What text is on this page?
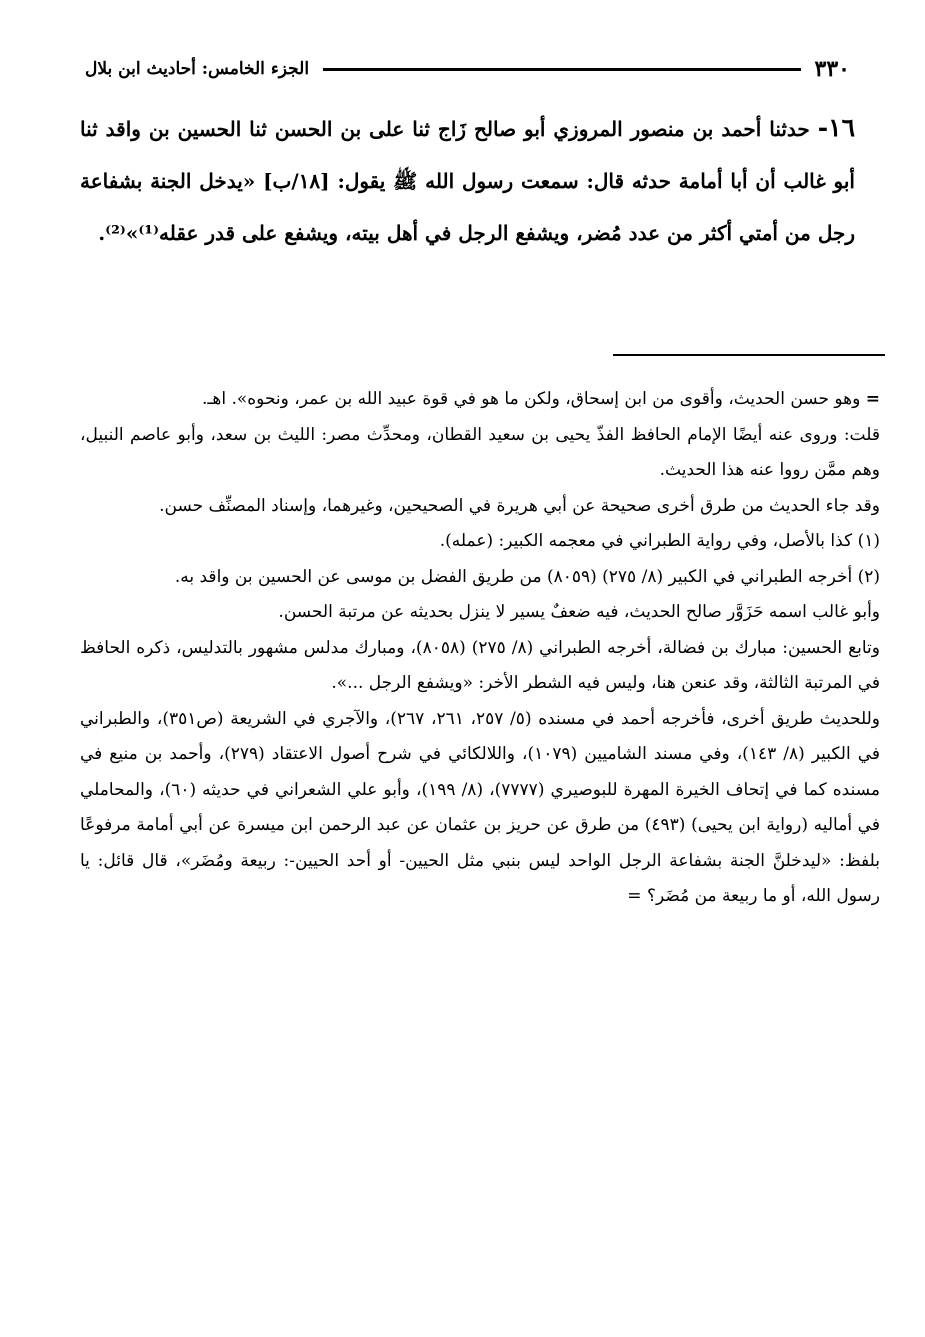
الجزء الخامس: أحاديث ابن بلال	٣٣٠
١٦- حدثنا أحمد بن منصور المروزي أبو صالح زَاج ثنا على بن الحسن ثنا الحسين بن واقد ثنا أبو غالب أن أبا أمامة حدثه قال: سمعت رسول الله ﷺ يقول: [١٨/ب] «يدخل الجنة بشفاعة رجل من أمتي أكثر من عدد مُضر، ويشفع الرجل في أهل بيته، ويشفع على قدر عقله⁽¹⁾»⁽²⁾.

= وهو حسن الحديث، وأقوى من ابن إسحاق، ولكن ما هو في قوة عبيد الله بن عمر، ونحوه». اهـ.

قلت: وروى عنه أيضًا الإمام الحافظ الفذّ يحيى بن سعيد القطان، ومحدِّث مصر: الليث بن سعد، وأبو عاصم النبيل، وهم ممَّن رووا عنه هذا الحديث.

وقد جاء الحديث من طرق أخرى صحيحة عن أبي هريرة في الصحيحين، وغيرهما، وإسناد المصنِّف حسن.

(١) كذا بالأصل، وفي رواية الطبراني في معجمه الكبير: (عمله).

(٢) أخرجه الطبراني في الكبير (٨/ ٢٧٥) (٨٠٥٩) من طريق الفضل بن موسى عن الحسين بن واقد به.

وأبو غالب اسمه حَزَوَّر صالح الحديث، فيه ضعفٌ يسير لا ينزل بحديثه عن مرتبة الحسن.

وتابع الحسين: مبارك بن فضالة، أخرجه الطبراني (٨/ ٢٧٥) (٨٠٥٨)، ومبارك مدلس مشهور بالتدليس، ذكره الحافظ في المرتبة الثالثة، وقد عنعن هنا، وليس فيه الشطر الأخر: «ويشفع الرجل ...».

وللحديث طريق أخرى، فأخرجه أحمد في مسنده (٥/ ٢٥٧، ٢٦١، ٢٦٧)، والآجري في الشريعة (ص٣٥١)، والطبراني في الكبير (٨/ ١٤٣)، وفي مسند الشاميين (١٠٧٩)، واللالكائي في شرح أصول الاعتقاد (٢٧٩)، وأحمد بن منيع في مسنده كما في إتحاف الخيرة المهرة للبوصيري (٧٧٧٧)، (٨/ ١٩٩)، وأبو علي الشعراني في حديثه (٦٠)، والمحاملي في أماليه (رواية ابن يحيى) (٤٩٣) من طرق عن حريز بن عثمان عن عبد الرحمن ابن ميسرة عن أبي أمامة مرفوعًا بلفظ: «ليدخلنَّ الجنة بشفاعة الرجل الواحد ليس بنبي مثل الحيين- أو أحد الحيين-: ربيعة ومُضَر»، قال قائل: يا رسول الله، أو ما ربيعة من مُضَر؟ =
